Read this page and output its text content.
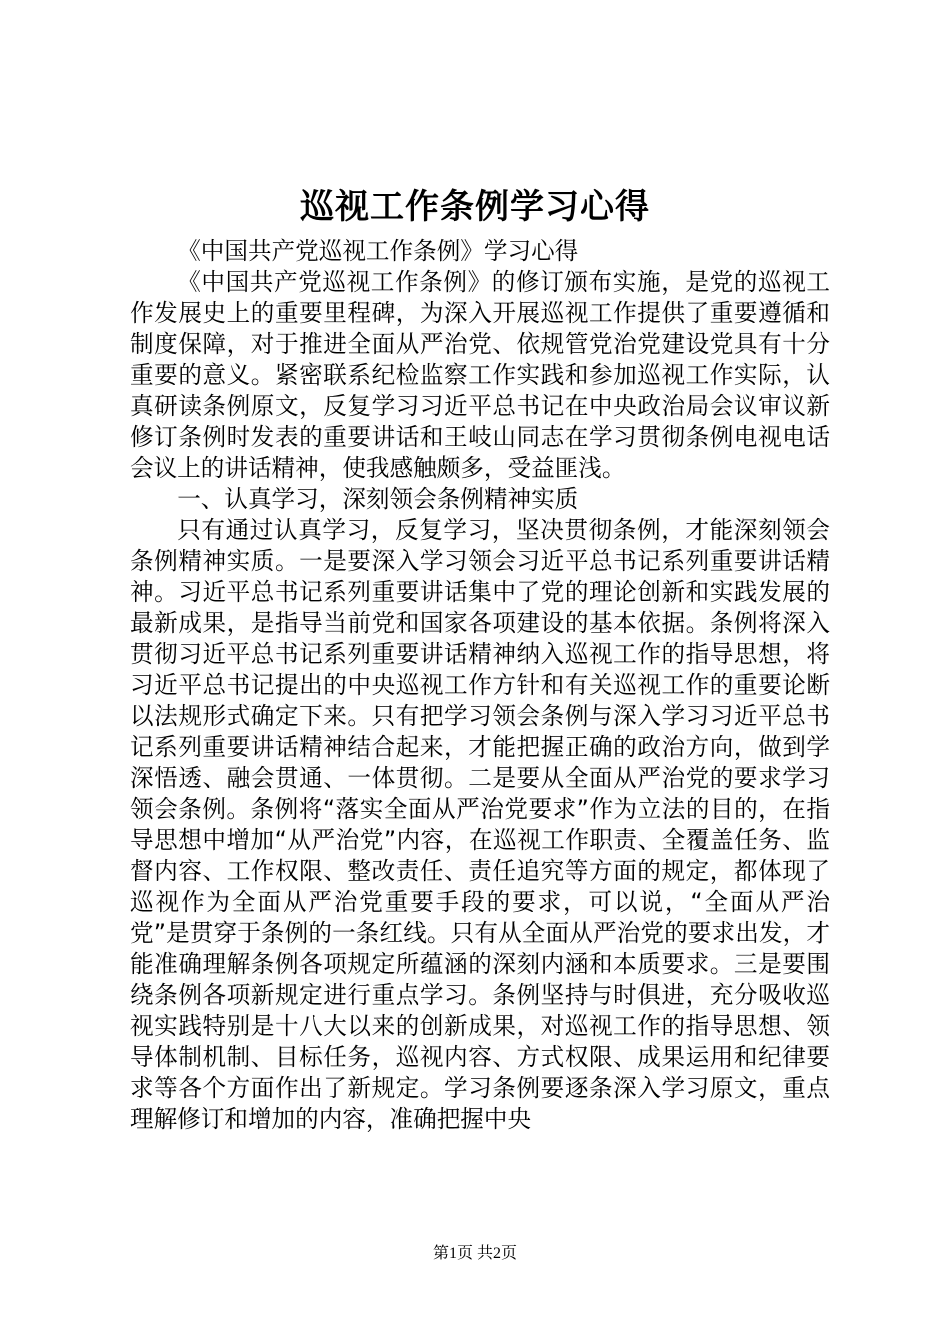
巡视工作条例学习心得

《中国共产党巡视工作条例》学习心得

《中国共产党巡视工作条例》的修订颁布实施，是党的巡视工作发展史上的重要里程碑，为深入开展巡视工作提供了重要遵循和制度保障，对于推进全面从严治党、依规管党治党建设党具有十分重要的意义。紧密联系纪检监察工作实践和参加巡视工作实际，认真研读条例原文，反复学习习近平总书记在中央政治局会议审议新修订条例时发表的重要讲话和王岐山同志在学习贯彻条例电视电话会议上的讲话精神，使我感触颇多，受益匪浅。

一、认真学习，深刻领会条例精神实质

只有通过认真学习，反复学习，坚决贯彻条例，才能深刻领会条例精神实质。一是要深入学习领会习近平总书记系列重要讲话精神。习近平总书记系列重要讲话集中了党的理论创新和实践发展的最新成果，是指导当前党和国家各项建设的基本依据。条例将深入贯彻习近平总书记系列重要讲话精神纳入巡视工作的指导思想，将习近平总书记提出的中央巡视工作方针和有关巡视工作的重要论断以法规形式确定下来。只有把学习领会条例与深入学习习近平总书记系列重要讲话精神结合起来，才能把握正确的政治方向，做到学深悟透、融会贯通、一体贯彻。二是要从全面从严治党的要求学习领会条例。条例将“落实全面从严治党要求”作为立法的目的，在指导思想中增加“从严治党”内容，在巡视工作职责、全覆盖任务、监督内容、工作权限、整改责任、责任追究等方面的规定，都体现了巡视作为全面从严治党重要手段的要求，可以说，“全面从严治党”是贯穿于条例的一条红线。只有从全面从严治党的要求出发，才能准确理解条例各项规定所蕴涵的深刻内涵和本质要求。三是要围绕条例各项新规定进行重点学习。条例坚持与时俱进，充分吸收巡视实践特别是十八大以来的创新成果，对巡视工作的指导思想、领导体制机制、目标任务，巡视内容、方式权限、成果运用和纪律要求等各个方面作出了新规定。学习条例要逐条深入学习原文，重点理解修订和增加的内容，准确把握中央

第1页 共2页
